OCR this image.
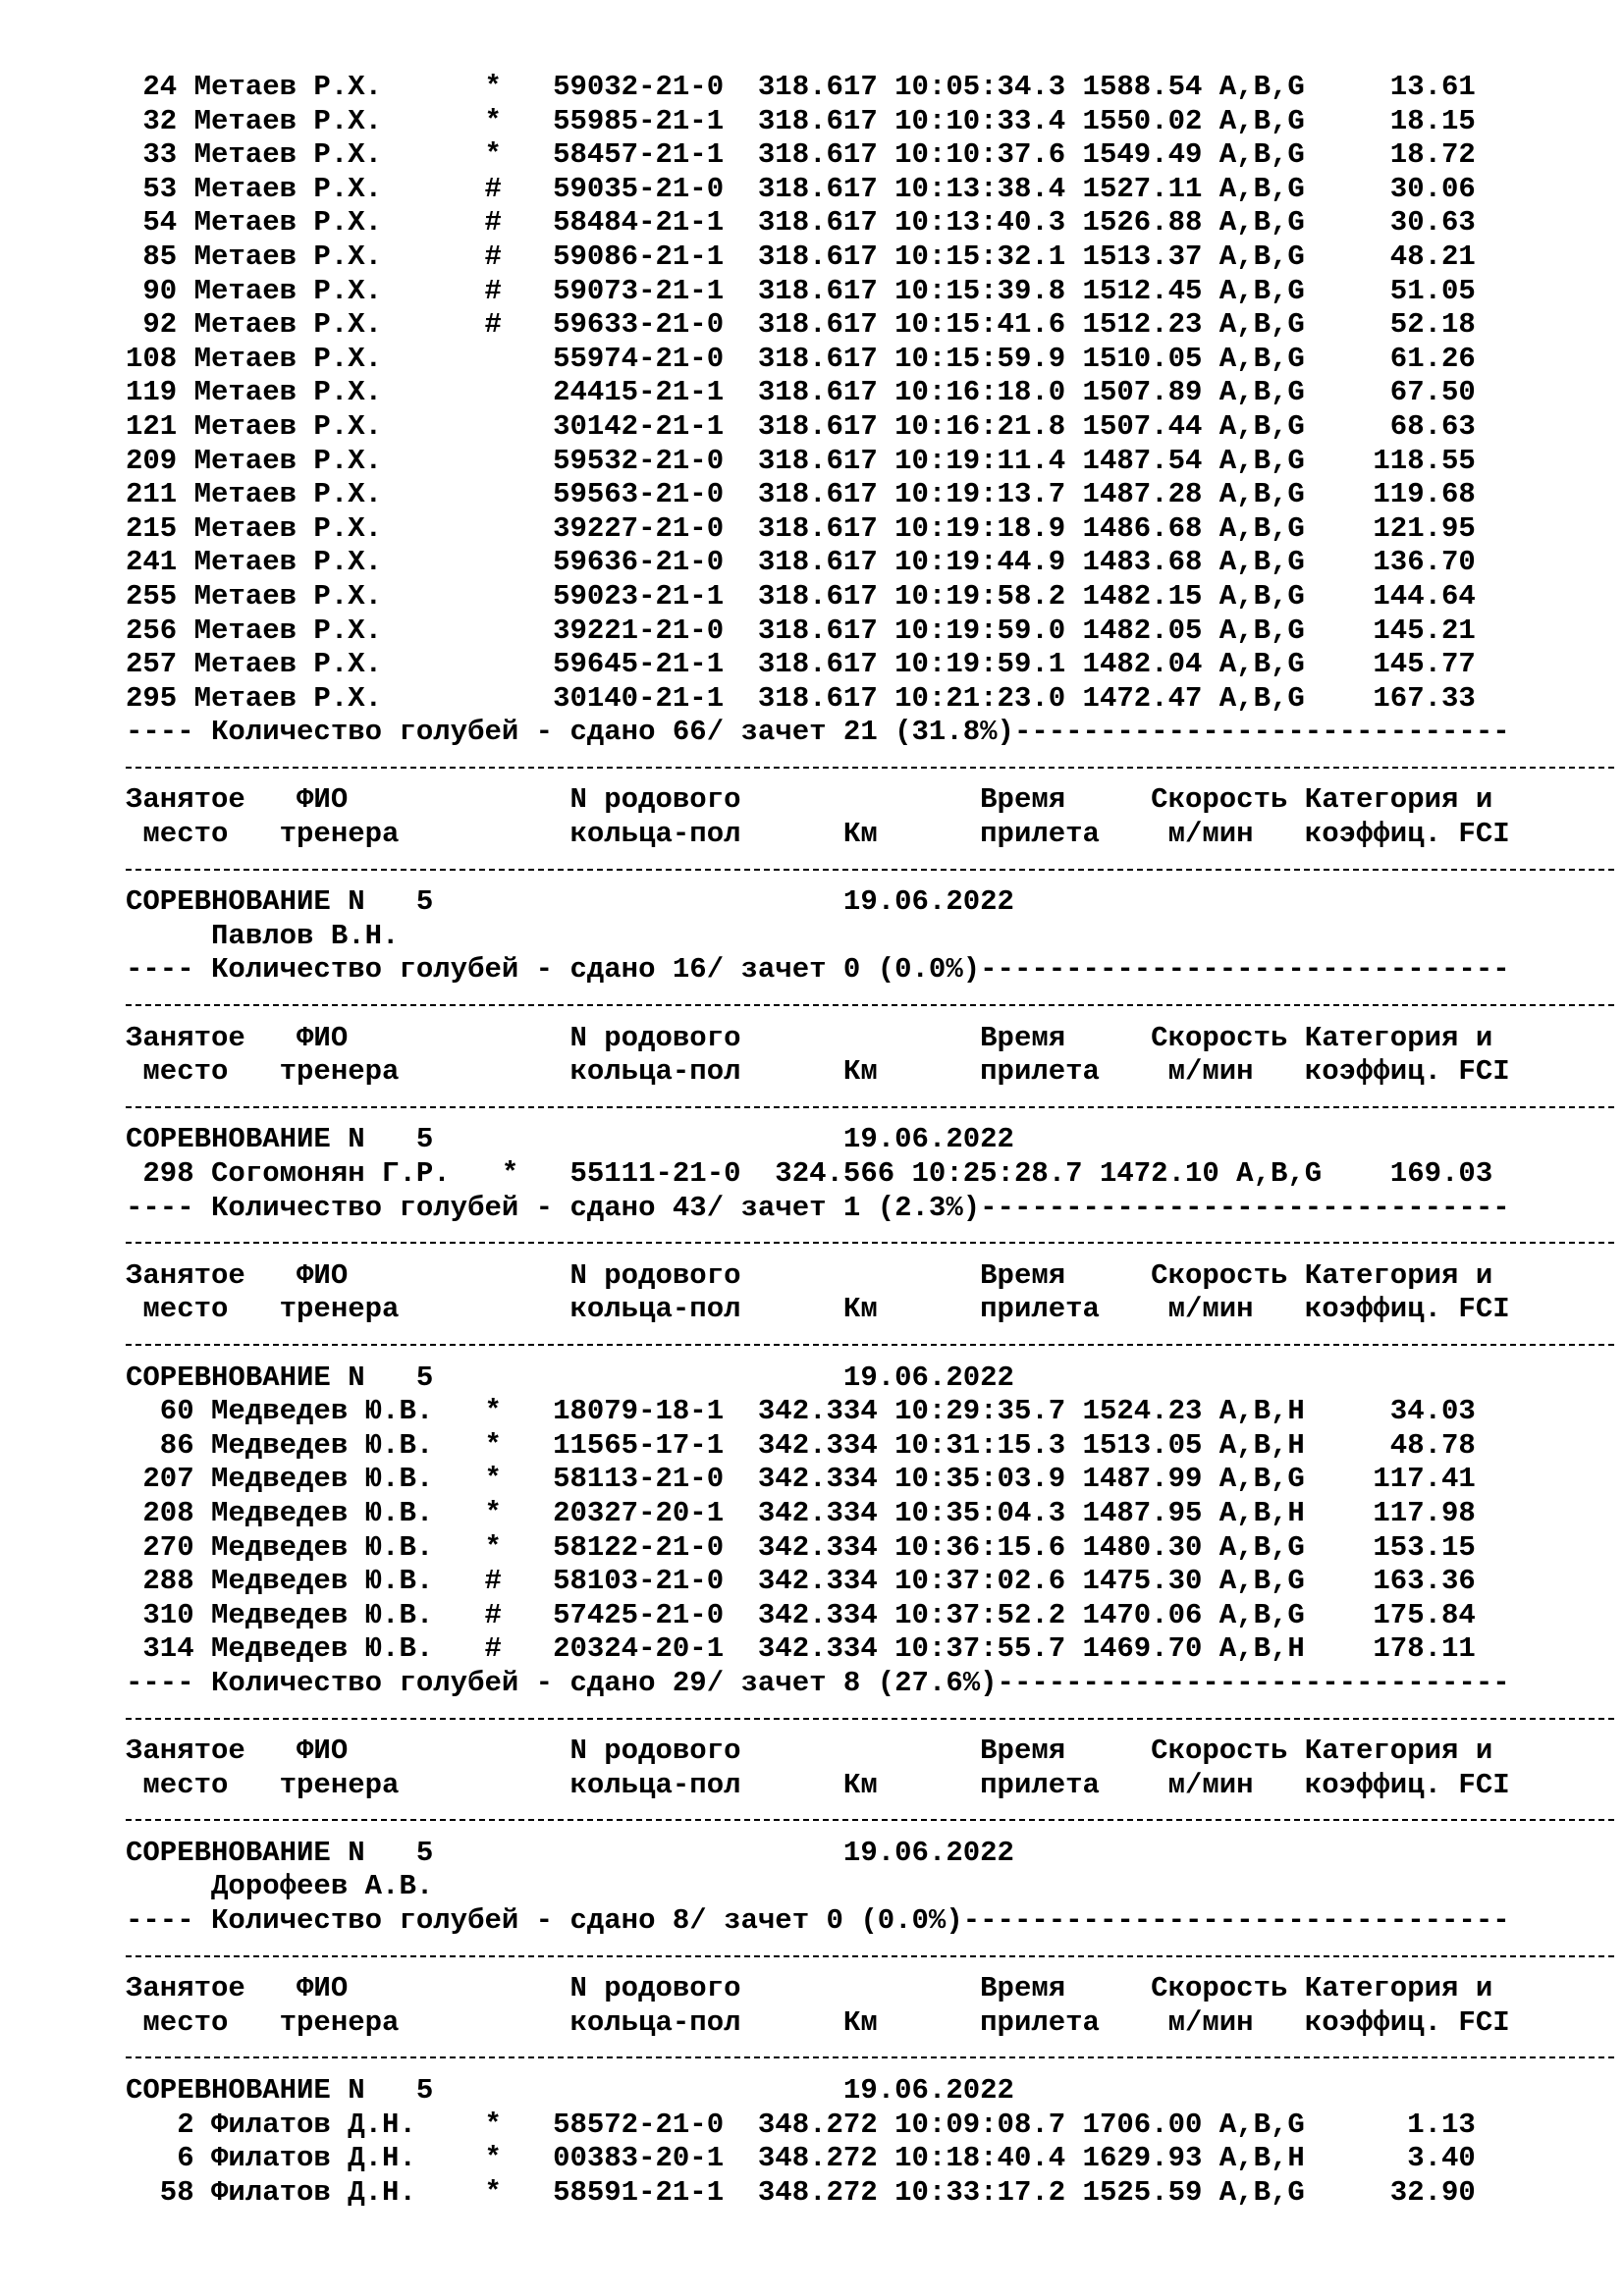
24 Метаев Р.Х.      *   59032-21-0  318.617 10:05:34.3 1588.54 A,B,G     13.61
32 Метаев Р.Х.      *   55985-21-1  318.617 10:10:33.4 1550.02 A,B,G     18.15
33 Метаев Р.Х.      *   58457-21-1  318.617 10:10:37.6 1549.49 A,B,G     18.72
53 Метаев Р.Х.      #   59035-21-0  318.617 10:13:38.4 1527.11 A,B,G     30.06
54 Метаев Р.Х.      #   58484-21-1  318.617 10:13:40.3 1526.88 A,B,G     30.63
85 Метаев Р.Х.      #   59086-21-1  318.617 10:15:32.1 1513.37 A,B,G     48.21
90 Метаев Р.Х.      #   59073-21-1  318.617 10:15:39.8 1512.45 A,B,G     51.05
92 Метаев Р.Х.      #   59633-21-0  318.617 10:15:41.6 1512.23 A,B,G     52.18
108 Метаев Р.Х.          55974-21-0  318.617 10:15:59.9 1510.05 A,B,G     61.26
119 Метаев Р.Х.          24415-21-1  318.617 10:16:18.0 1507.89 A,B,G     67.50
121 Метаев Р.Х.          30142-21-1  318.617 10:16:21.8 1507.44 A,B,G     68.63
209 Метаев Р.Х.          59532-21-0  318.617 10:19:11.4 1487.54 A,B,G    118.55
211 Метаев Р.Х.          59563-21-0  318.617 10:19:13.7 1487.28 A,B,G    119.68
215 Метаев Р.Х.          39227-21-0  318.617 10:19:18.9 1486.68 A,B,G    121.95
241 Метаев Р.Х.          59636-21-0  318.617 10:19:44.9 1483.68 A,B,G    136.70
255 Метаев Р.Х.          59023-21-1  318.617 10:19:58.2 1482.15 A,B,G    144.64
256 Метаев Р.Х.          39221-21-0  318.617 10:19:59.0 1482.05 A,B,G    145.21
257 Метаев Р.Х.          59645-21-1  318.617 10:19:59.1 1482.04 A,B,G    145.77
295 Метаев Р.Х.          30140-21-1  318.617 10:21:23.0 1472.47 A,B,G    167.33
---- Количество голубей - сдано 66/ зачет 21 (31.8%)-----------------------------
Занятое   ФИО             N родового              Время     Скорость Категория и
место   тренера          кольца-пол      Км      прилета    м/мин   коэффиц. FCI
СОРЕВНОВАНИЕ N   5                        19.06.2022
Павлов В.Н.
---- Количество голубей - сдано 16/ зачет 0 (0.0%)-------------------------------
Занятое   ФИО             N родового              Время     Скорость Категория и
место   тренера          кольца-пол      Км      прилета    м/мин   коэффиц. FCI
СОРЕВНОВАНИЕ N   5                        19.06.2022
298 Согомонян Г.Р.   *   55111-21-0  324.566 10:25:28.7 1472.10 A,B,G    169.03
---- Количество голубей - сдано 43/ зачет 1 (2.3%)-------------------------------
Занятое   ФИО             N родового              Время     Скорость Категория и
место   тренера          кольца-пол      Км      прилета    м/мин   коэффиц. FCI
СОРЕВНОВАНИЕ N   5                        19.06.2022
60 Медведев Ю.В.   *   18079-18-1  342.334 10:29:35.7 1524.23 A,B,H     34.03
86 Медведев Ю.В.   *   11565-17-1  342.334 10:31:15.3 1513.05 A,B,H     48.78
207 Медведев Ю.В.   *   58113-21-0  342.334 10:35:03.9 1487.99 A,B,G    117.41
208 Медведев Ю.В.   *   20327-20-1  342.334 10:35:04.3 1487.95 A,B,H    117.98
270 Медведев Ю.В.   *   58122-21-0  342.334 10:36:15.6 1480.30 A,B,G    153.15
288 Медведев Ю.В.   #   58103-21-0  342.334 10:37:02.6 1475.30 A,B,G    163.36
310 Медведев Ю.В.   #   57425-21-0  342.334 10:37:52.2 1470.06 A,B,G    175.84
314 Медведев Ю.В.   #   20324-20-1  342.334 10:37:55.7 1469.70 A,B,H    178.11
---- Количество голубей - сдано 29/ зачет 8 (27.6%)------------------------------
Занятое   ФИО             N родового              Время     Скорость Категория и
место   тренера          кольца-пол      Км      прилета    м/мин   коэффиц. FCI
СОРЕВНОВАНИЕ N   5                        19.06.2022
Дорофеев А.В.
---- Количество голубей - сдано 8/ зачет 0 (0.0%)--------------------------------
Занятое   ФИО             N родового              Время     Скорость Категория и
место   тренера          кольца-пол      Км      прилета    м/мин   коэффиц. FCI
СОРЕВНОВАНИЕ N   5                        19.06.2022
2 Филатов Д.Н.    *   58572-21-0  348.272 10:09:08.7 1706.00 A,B,G      1.13
6 Филатов Д.Н.    *   00383-20-1  348.272 10:18:40.4 1629.93 A,B,H      3.40
58 Филатов Д.Н.    *   58591-21-1  348.272 10:33:17.2 1525.59 A,B,G     32.90
